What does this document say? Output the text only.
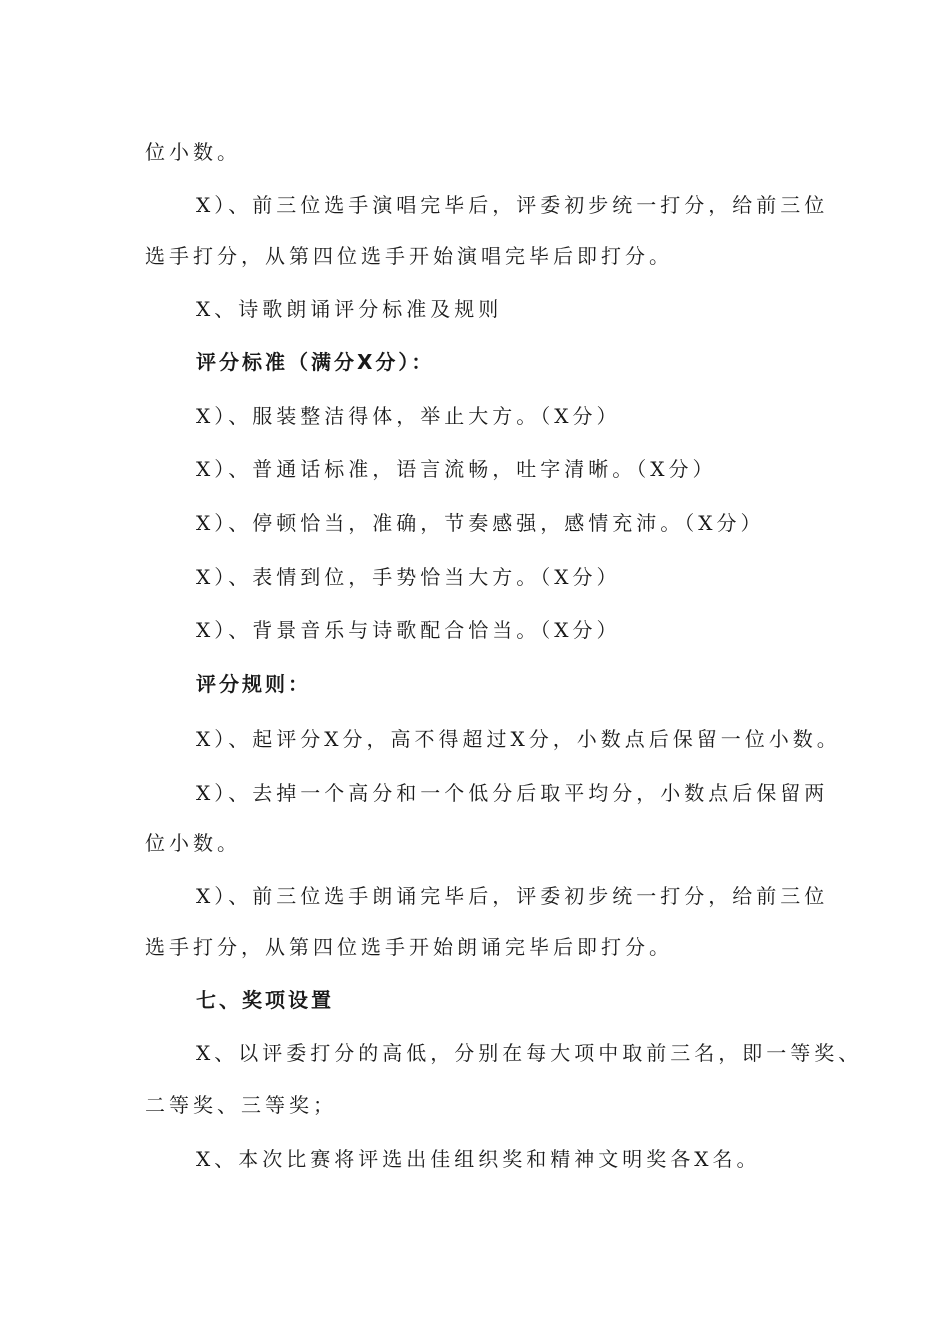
位小数。
X）、前三位选手演唱完毕后，评委初步统一打分，给前三位
选手打分，从第四位选手开始演唱完毕后即打分。
X、诗歌朗诵评分标准及规则
评分标准（满分X分）：
X）、服装整洁得体，举止大方。（X分）
X）、普通话标准，语言流畅，吐字清晰。（X分）
X）、停顿恰当，准确，节奏感强，感情充沛。（X分）
X）、表情到位，手势恰当大方。（X分）
X）、背景音乐与诗歌配合恰当。（X分）
评分规则：
X）、起评分X分，高不得超过X分，小数点后保留一位小数。
X）、去掉一个高分和一个低分后取平均分，小数点后保留两
位小数。
X）、前三位选手朗诵完毕后，评委初步统一打分，给前三位
选手打分，从第四位选手开始朗诵完毕后即打分。
七、奖项设置
X、以评委打分的高低，分别在每大项中取前三名，即一等奖、
二等奖、三等奖；
X、本次比赛将评选出佳组织奖和精神文明奖各X名。
